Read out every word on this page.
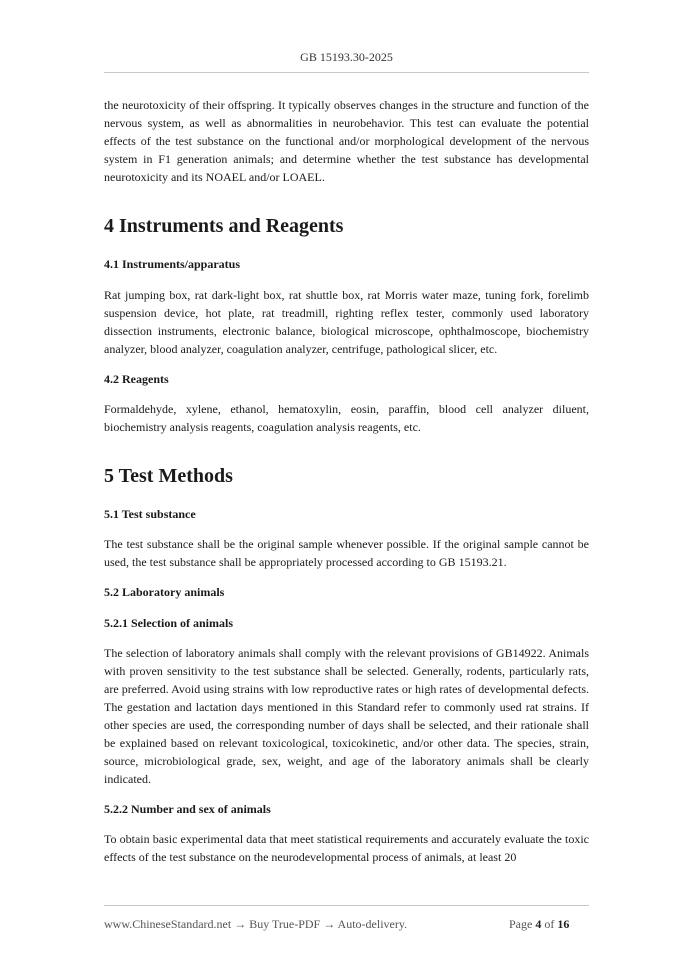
GB 15193.30-2025

the neurotoxicity of their offspring. It typically observes changes in the structure and function of the nervous system, as well as abnormalities in neurobehavior. This test can evaluate the potential effects of the test substance on the functional and/or morphological development of the nervous system in F1 generation animals; and determine whether the test substance has developmental neurotoxicity and its NOAEL and/or LOAEL.

4 Instruments and Reagents
4.1 Instruments/apparatus

Rat jumping box, rat dark-light box, rat shuttle box, rat Morris water maze, tuning fork, forelimb suspension device, hot plate, rat treadmill, righting reflex tester, commonly used laboratory dissection instruments, electronic balance, biological microscope, ophthalmoscope, biochemistry analyzer, blood analyzer, coagulation analyzer, centrifuge, pathological slicer, etc.

4.2 Reagents

Formaldehyde, xylene, ethanol, hematoxylin, eosin, paraffin, blood cell analyzer diluent, biochemistry analysis reagents, coagulation analysis reagents, etc.

5 Test Methods
5.1 Test substance

The test substance shall be the original sample whenever possible. If the original sample cannot be used, the test substance shall be appropriately processed according to GB 15193.21.

5.2 Laboratory animals
5.2.1 Selection of animals

The selection of laboratory animals shall comply with the relevant provisions of GB14922. Animals with proven sensitivity to the test substance shall be selected. Generally, rodents, particularly rats, are preferred. Avoid using strains with low reproductive rates or high rates of developmental defects. The gestation and lactation days mentioned in this Standard refer to commonly used rat strains. If other species are used, the corresponding number of days shall be selected, and their rationale shall be explained based on relevant toxicological, toxicokinetic, and/or other data. The species, strain, source, microbiological grade, sex, weight, and age of the laboratory animals shall be clearly indicated.

5.2.2 Number and sex of animals

To obtain basic experimental data that meet statistical requirements and accurately evaluate the toxic effects of the test substance on the neurodevelopmental process of animals, at least 20

www.ChineseStandard.net → Buy True-PDF → Auto-delivery.	Page 4 of 16
